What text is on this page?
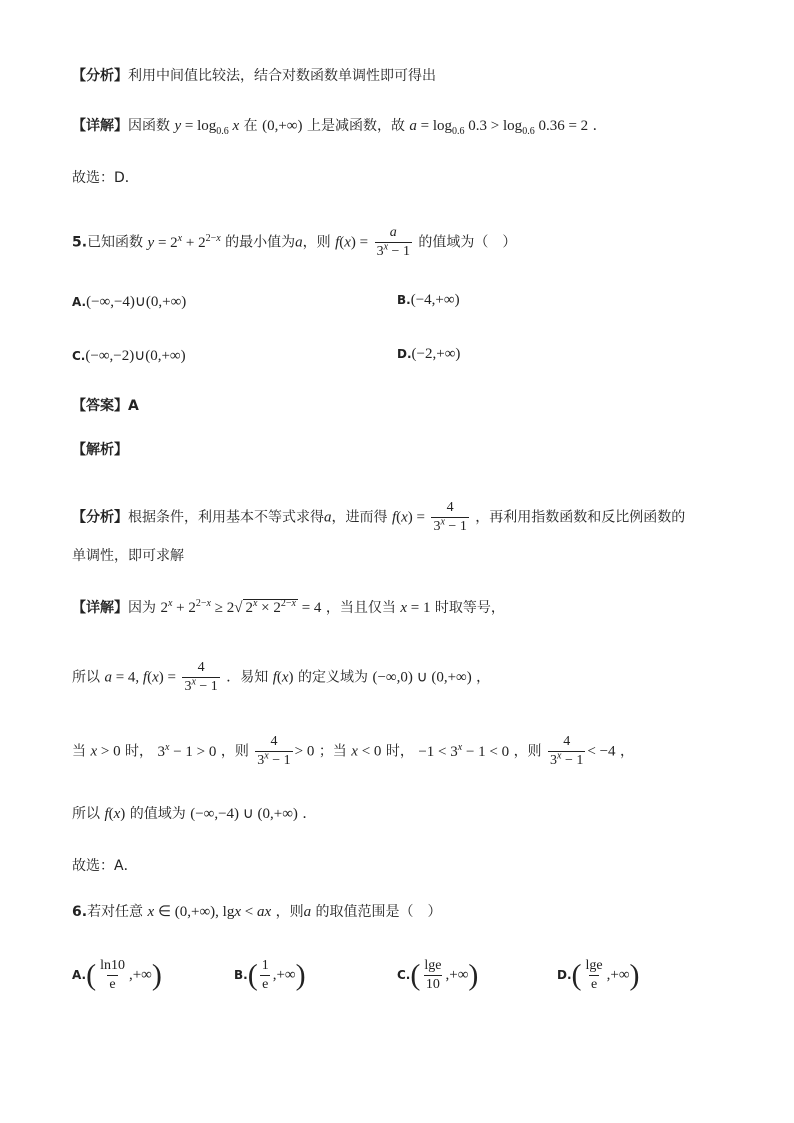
【分析】利用中间值比较法，结合对数函数单调性即可得出
【详解】因函数 $y = \log_{0.6} x$ 在 (0,+∞) 上是减函数，故 $a = \log_{0.6} 0.3 > \log_{0.6} 0.36 = 2$ ．
故选：D．
5.已知函数 $y = 2^x + 2^{2-x}$ 的最小值为a，则 $f(x) = \frac{a}{3^x - 1}$ 的值域为（　）
A.(−∞,−4)∪(0,+∞)	B.(−4,+∞)
C.(−∞,−2)∪(0,+∞)	D.(−2,+∞)
【答案】A
【解析】
【分析】根据条件，利用基本不等式求得a，进而得 $f(x) = \frac{4}{3^x - 1}$ ，再利用指数函数和反比例函数的
单调性，即可求解
【详解】因为 $2^x + 2^{2-x} \ge 2√$ $2^x \times 2^{2-x} = 4$ ，当且仅当 x = 1 时取等号，
所以 a = 4, $f(x) = \frac{4}{3^x - 1}$ ．易知 f(x) 的定义域为 (−∞,0) ∪ (0,+∞) ，
当 x > 0 时， $3^x - 1 > 0$ ，则 $\frac{4}{3^x - 1} > 0$ ；当 x < 0 时， $-1 < 3^x - 1 < 0$ ，则 $\frac{4}{3^x - 1} < -4$ ，
所以 f(x) 的值域为 (−∞,−4) ∪ (0,+∞) ．
故选：A．
6.若对任意 x ∈ (0,+∞), lgx < ax ，则a 的取值范围是（　）
$A.( \frac{\ln 10}{e}$ ,+∞)	$B.( \frac{1}{e}$ ,+∞)	$C.( \frac{\lg e}{10}$ ,+∞)	$D.( \frac{\lg e}{e}$ ,+∞)
